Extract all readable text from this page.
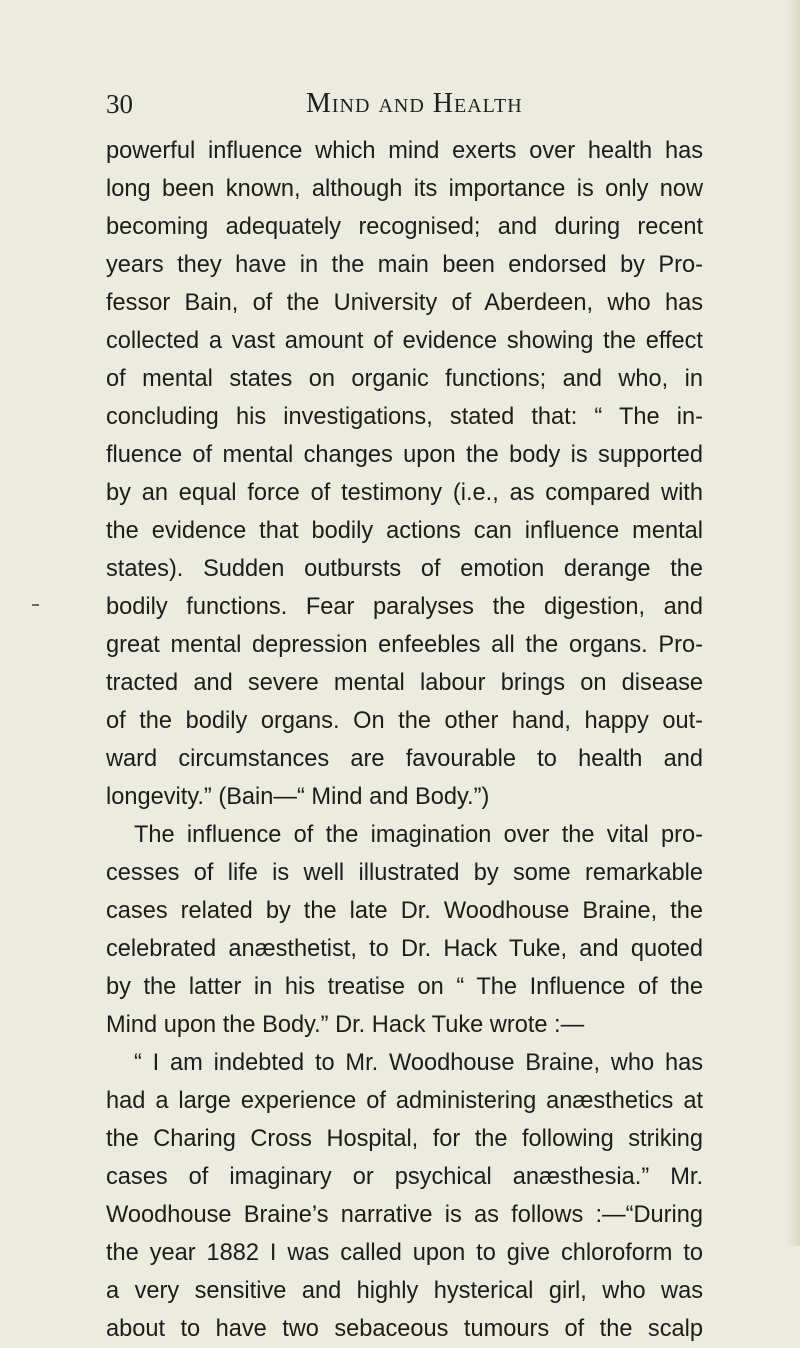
30	Mind and Health
powerful influence which mind exerts over health has
long been known, although its importance is only now
becoming adequately recognised; and during recent
years they have in the main been endorsed by Pro-
fessor Bain, of the University of Aberdeen, who has
collected a vast amount of evidence showing the effect
of mental states on organic functions; and who, in
concluding his investigations, stated that: “ The in-
fluence of mental changes upon the body is supported
by an equal force of testimony (i.e., as compared with
the evidence that bodily actions can influence mental
states). Sudden outbursts of emotion derange the
bodily functions. Fear paralyses the digestion, and
great mental depression enfeebles all the organs. Pro-
tracted and severe mental labour brings on disease
of the bodily organs. On the other hand, happy out-
ward circumstances are favourable to health and
longevity.” (Bain—“ Mind and Body.”)
The influence of the imagination over the vital pro-
cesses of life is well illustrated by some remarkable
cases related by the late Dr. Woodhouse Braine, the
celebrated anæsthetist, to Dr. Hack Tuke, and quoted
by the latter in his treatise on “ The Influence of the
Mind upon the Body.” Dr. Hack Tuke wrote :—
“ I am indebted to Mr. Woodhouse Braine, who has
had a large experience of administering anæsthetics at
the Charing Cross Hospital, for the following striking
cases of imaginary or psychical anæsthesia.” Mr.
Woodhouse Braine’s narrative is as follows :—“During
the year 1882 I was called upon to give chloroform to
a very sensitive and highly hysterical girl, who was
about to have two sebaceous tumours of the scalp
